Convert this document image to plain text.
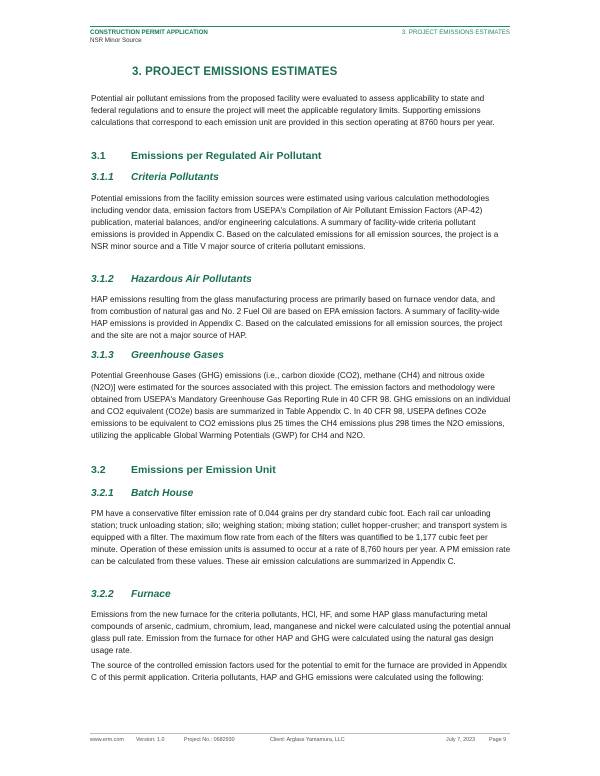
CONSTRUCTION PERMIT APPLICATION
NSR Minor Source
3. PROJECT EMISSIONS ESTIMATES
3. PROJECT EMISSIONS ESTIMATES

Potential air pollutant emissions from the proposed facility were evaluated to assess applicability to state and federal regulations and to ensure the project will meet the applicable regulatory limits. Supporting emissions calculations that correspond to each emission unit are provided in this section operating at 8760 hours per year.

3.1 Emissions per Regulated Air Pollutant
3.1.1 Criteria Pollutants

Potential emissions from the facility emission sources were estimated using various calculation methodologies including vendor data, emission factors from USEPA's Compilation of Air Pollutant Emission Factors (AP-42) publication, material balances, and/or engineering calculations. A summary of facility-wide criteria pollutant emissions is provided in Appendix C. Based on the calculated emissions for all emission sources, the project is a NSR minor source and a Title V major source of criteria pollutant emissions.

3.1.2 Hazardous Air Pollutants

HAP emissions resulting from the glass manufacturing process are primarily based on furnace vendor data, and from combustion of natural gas and No. 2 Fuel Oil are based on EPA emission factors. A summary of facility-wide HAP emissions is provided in Appendix C. Based on the calculated emissions for all emission sources, the project and the site are not a major source of HAP.

3.1.3 Greenhouse Gases

Potential Greenhouse Gases (GHG) emissions (i.e., carbon dioxide (CO2), methane (CH4) and nitrous oxide (N2O)] were estimated for the sources associated with this project. The emission factors and methodology were obtained from USEPA's Mandatory Greenhouse Gas Reporting Rule in 40 CFR 98. GHG emissions on an individual and CO2 equivalent (CO2e) basis are summarized in Table Appendix C. In 40 CFR 98, USEPA defines CO2e emissions to be equivalent to CO2 emissions plus 25 times the CH4 emissions plus 298 times the N2O emissions, utilizing the applicable Global Warming Potentials (GWP) for CH4 and N2O.

3.2 Emissions per Emission Unit
3.2.1 Batch House

PM have a conservative filter emission rate of 0.044 grains per dry standard cubic foot. Each rail car unloading station; truck unloading station; silo; weighing station; mixing station; cullet hopper-crusher; and transport system is equipped with a filter. The maximum flow rate from each of the filters was quantified to be 1,177 cubic feet per minute. Operation of these emission units is assumed to occur at a rate of 8,760 hours per year. A PM emission rate can be calculated from these values. These air emission calculations are summarized in Appendix C.

3.2.2 Furnace

Emissions from the new furnace for the criteria pollutants, HCl, HF, and some HAP glass manufacturing metal compounds of arsenic, cadmium, chromium, lead, manganese and nickel were calculated using the potential annual glass pull rate. Emission from the furnace for other HAP and GHG were calculated using the natural gas design usage rate.

The source of the controlled emission factors used for the potential to emit for the furnace are provided in Appendix C of this permit application. Criteria pollutants, HAP and GHG emissions were calculated using the following:

www.erm.com Version: 1.0	Project No.: 0682930	Client: Arglass Yamamura, LLC	July 7, 2023	Page 9
